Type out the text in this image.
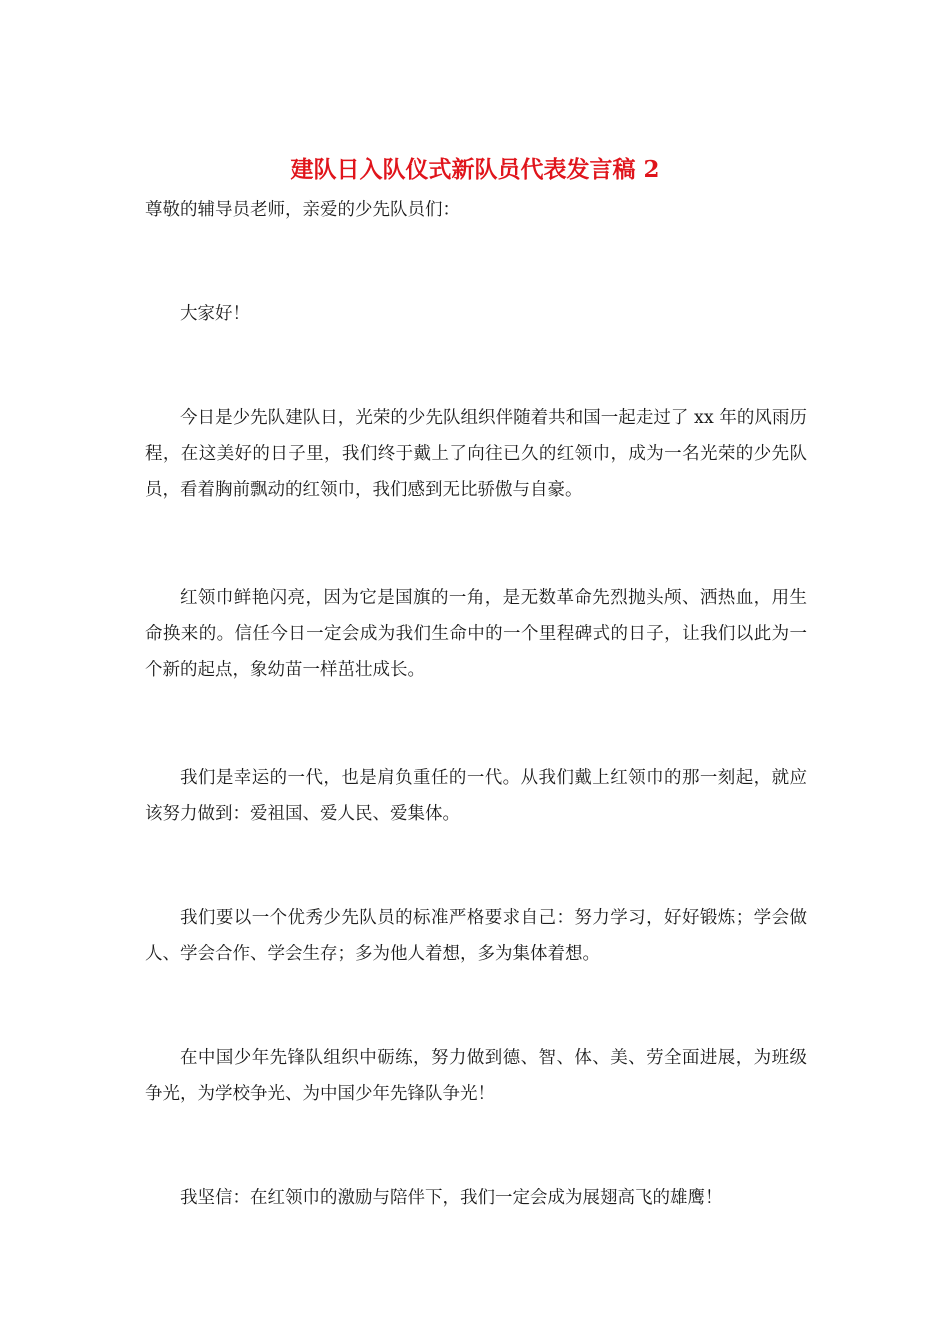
建队日入队仪式新队员代表发言稿 2

尊敬的辅导员老师，亲爱的少先队员们：

大家好！

今日是少先队建队日，光荣的少先队组织伴随着共和国一起走过了 xx 年的风雨历程，在这美好的日子里，我们终于戴上了向往已久的红领巾，成为一名光荣的少先队员，看着胸前飘动的红领巾，我们感到无比骄傲与自豪。

红领巾鲜艳闪亮，因为它是国旗的一角，是无数革命先烈抛头颅、洒热血，用生命换来的。信任今日一定会成为我们生命中的一个里程碑式的日子，让我们以此为一个新的起点，象幼苗一样茁壮成长。

我们是幸运的一代，也是肩负重任的一代。从我们戴上红领巾的那一刻起，就应该努力做到：爱祖国、爱人民、爱集体。

我们要以一个优秀少先队员的标准严格要求自己：努力学习，好好锻炼；学会做人、学会合作、学会生存；多为他人着想，多为集体着想。

在中国少年先锋队组织中砺练，努力做到德、智、体、美、劳全面进展，为班级争光，为学校争光、为中国少年先锋队争光！

我坚信：在红领巾的激励与陪伴下，我们一定会成为展翅高飞的雄鹰！
